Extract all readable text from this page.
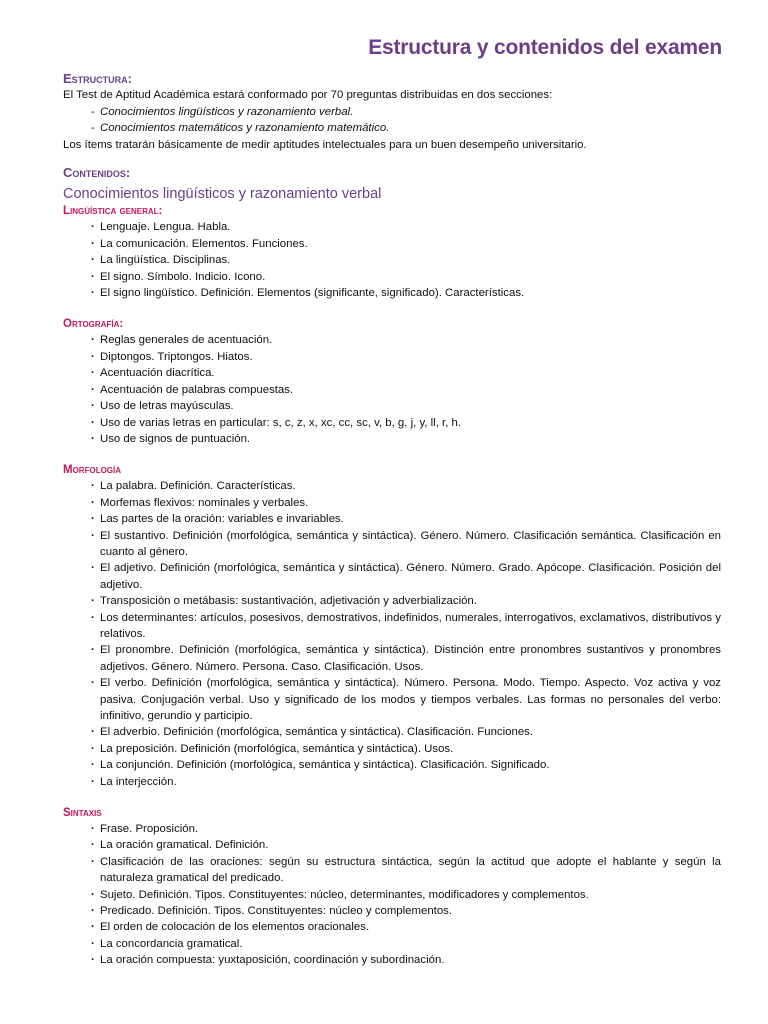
Estructura y contenidos del examen
Estructura:

El Test de Aptitud Académica estará conformado por 70 preguntas distribuidas en dos secciones:

- Conocimientos lingüísticos y razonamiento verbal.
- Conocimientos matemáticos y razonamiento matemático.

Los ítems tratarán básicamente de medir aptitudes intelectuales para un buen desempeño universitario.

Contenidos:
Conocimientos lingüísticos y razonamiento verbal
Lingüística general:
· Lenguaje. Lengua. Habla.
· La comunicación. Elementos. Funciones.
· La lingüística. Disciplinas.
· El signo. Símbolo. Indicio. Icono.
· El signo lingüístico. Definición. Elementos (significante, significado). Características.
Ortografía:
· Reglas generales de acentuación.
· Diptongos. Triptongos. Hiatos.
· Acentuación diacrítica.
· Acentuación de palabras compuestas.
· Uso de letras mayúsculas.
· Uso de varias letras en particular: s, c, z, x, xc, cc, sc, v, b, g, j, y, ll, r, h.
· Uso de signos de puntuación.
Morfología
· La palabra. Definición. Características.
· Morfemas flexivos: nominales y verbales.
· Las partes de la oración: variables e invariables.
· El sustantivo. Definición (morfológica, semántica y sintáctica). Género. Número. Clasificación semántica. Clasificación en cuanto al género.
· El adjetivo. Definición (morfológica, semántica y sintáctica). Género. Número. Grado. Apócope. Clasificación. Posición del adjetivo.
· Transposición o metábasis: sustantivación, adjetivación y adverbialización.
· Los determinantes: artículos, posesivos, demostrativos, indefinidos, numerales, interrogativos, exclamativos, distributivos y relativos.
· El pronombre. Definición (morfológica, semántica y sintáctica). Distinción entre pronombres sustantivos y pronombres adjetivos. Género. Número. Persona. Caso. Clasificación. Usos.
· El verbo. Definición (morfológica, semántica y sintáctica). Número. Persona. Modo. Tiempo. Aspecto. Voz activa y voz pasiva. Conjugación verbal. Uso y significado de los modos y tiempos verbales. Las formas no personales del verbo: infinitivo, gerundio y participio.
· El adverbio. Definición (morfológica, semántica y sintáctica). Clasificación. Funciones.
· La preposición. Definición (morfológica, semántica y sintáctica). Usos.
· La conjunción. Definición (morfológica, semántica y sintáctica). Clasificación. Significado.
· La interjección.
Sintaxis
· Frase. Proposición.
· La oración gramatical. Definición.
· Clasificación de las oraciones: según su estructura sintáctica, según la actitud que adopte el hablante y según la naturaleza gramatical del predicado.
· Sujeto. Definición. Tipos. Constituyentes: núcleo, determinantes, modificadores y complementos.
· Predicado. Definición. Tipos. Constituyentes: núcleo y complementos.
· El orden de colocación de los elementos oracionales.
· La concordancia gramatical.
· La oración compuesta: yuxtaposición, coordinación y subordinación.
